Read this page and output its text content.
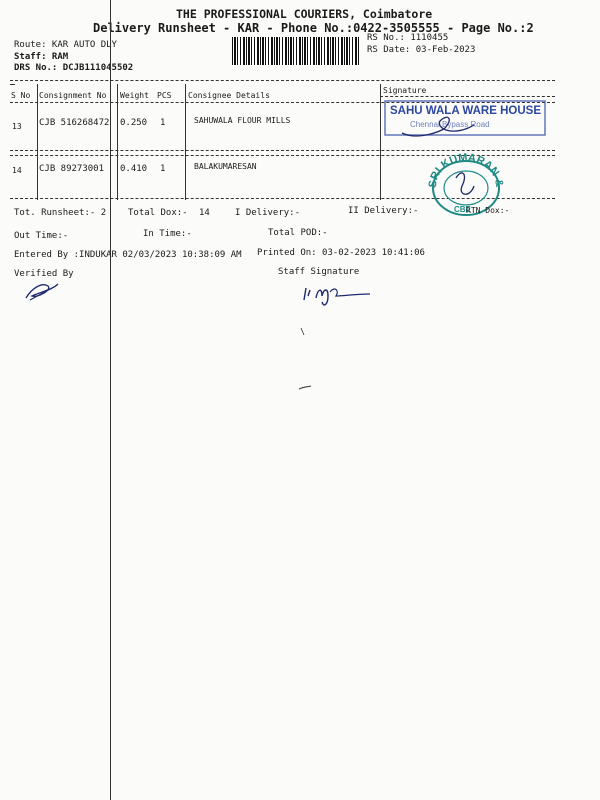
THE PROFESSIONAL COURIERS, Coimbatore
Delivery Runsheet - KAR - Phone No.:0422-3505555 - Page No.:2
Route: KAR AUTO DLY
Staff: RAM
DRS No.: DCJB111045502
RS No.: 1110455
RS Date: 03-Feb-2023
S No Consignment No Weight PCS Consignee Details
Signature
13 CJB 516268472 0.250 1	SAHUWALA FLOUR MILLS
14 CJB 89273001 0.410 1	BALAKUMARESAN
SAHU WALA WARE HOUSE
Chennai Bypass Road
SRI KUMARAN & CO
CBE
Tot. Runsheet:- 2 Total Dox:- 14	I Delivery:-	II Delivery:-	RTN Dox:-
Out Time:-	In Time:-	Total POD:-
Entered By :INDUKAR 02/03/2023 10:38:09 AM Printed On: 03-02-2023 10:41:06
Verified By	Staff Signature
